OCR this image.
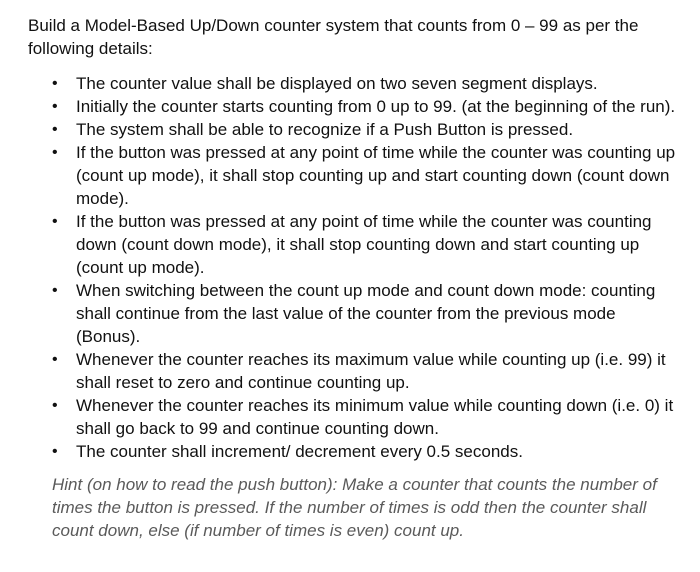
Build a Model-Based Up/Down counter system that counts from 0 – 99 as per the following details:

•	The counter value shall be displayed on two seven segment displays.
•	Initially the counter starts counting from 0 up to 99. (at the beginning of the run).
•	The system shall be able to recognize if a Push Button is pressed.
•	If the button was pressed at any point of time while the counter was counting up (count up mode), it shall stop counting up and start counting down (count down mode).
•	If the button was pressed at any point of time while the counter was counting down (count down mode), it shall stop counting down and start counting up (count up mode).
•	When switching between the count up mode and count down mode: counting shall continue from the last value of the counter from the previous mode (Bonus).
•	Whenever the counter reaches its maximum value while counting up (i.e. 99) it shall reset to zero and continue counting up.
•	Whenever the counter reaches its minimum value while counting down (i.e. 0) it shall go back to 99 and continue counting down.
•	The counter shall increment/ decrement every 0.5 seconds.

Hint (on how to read the push button): Make a counter that counts the number of times the button is pressed. If the number of times is odd then the counter shall count down, else (if number of times is even) count up.
